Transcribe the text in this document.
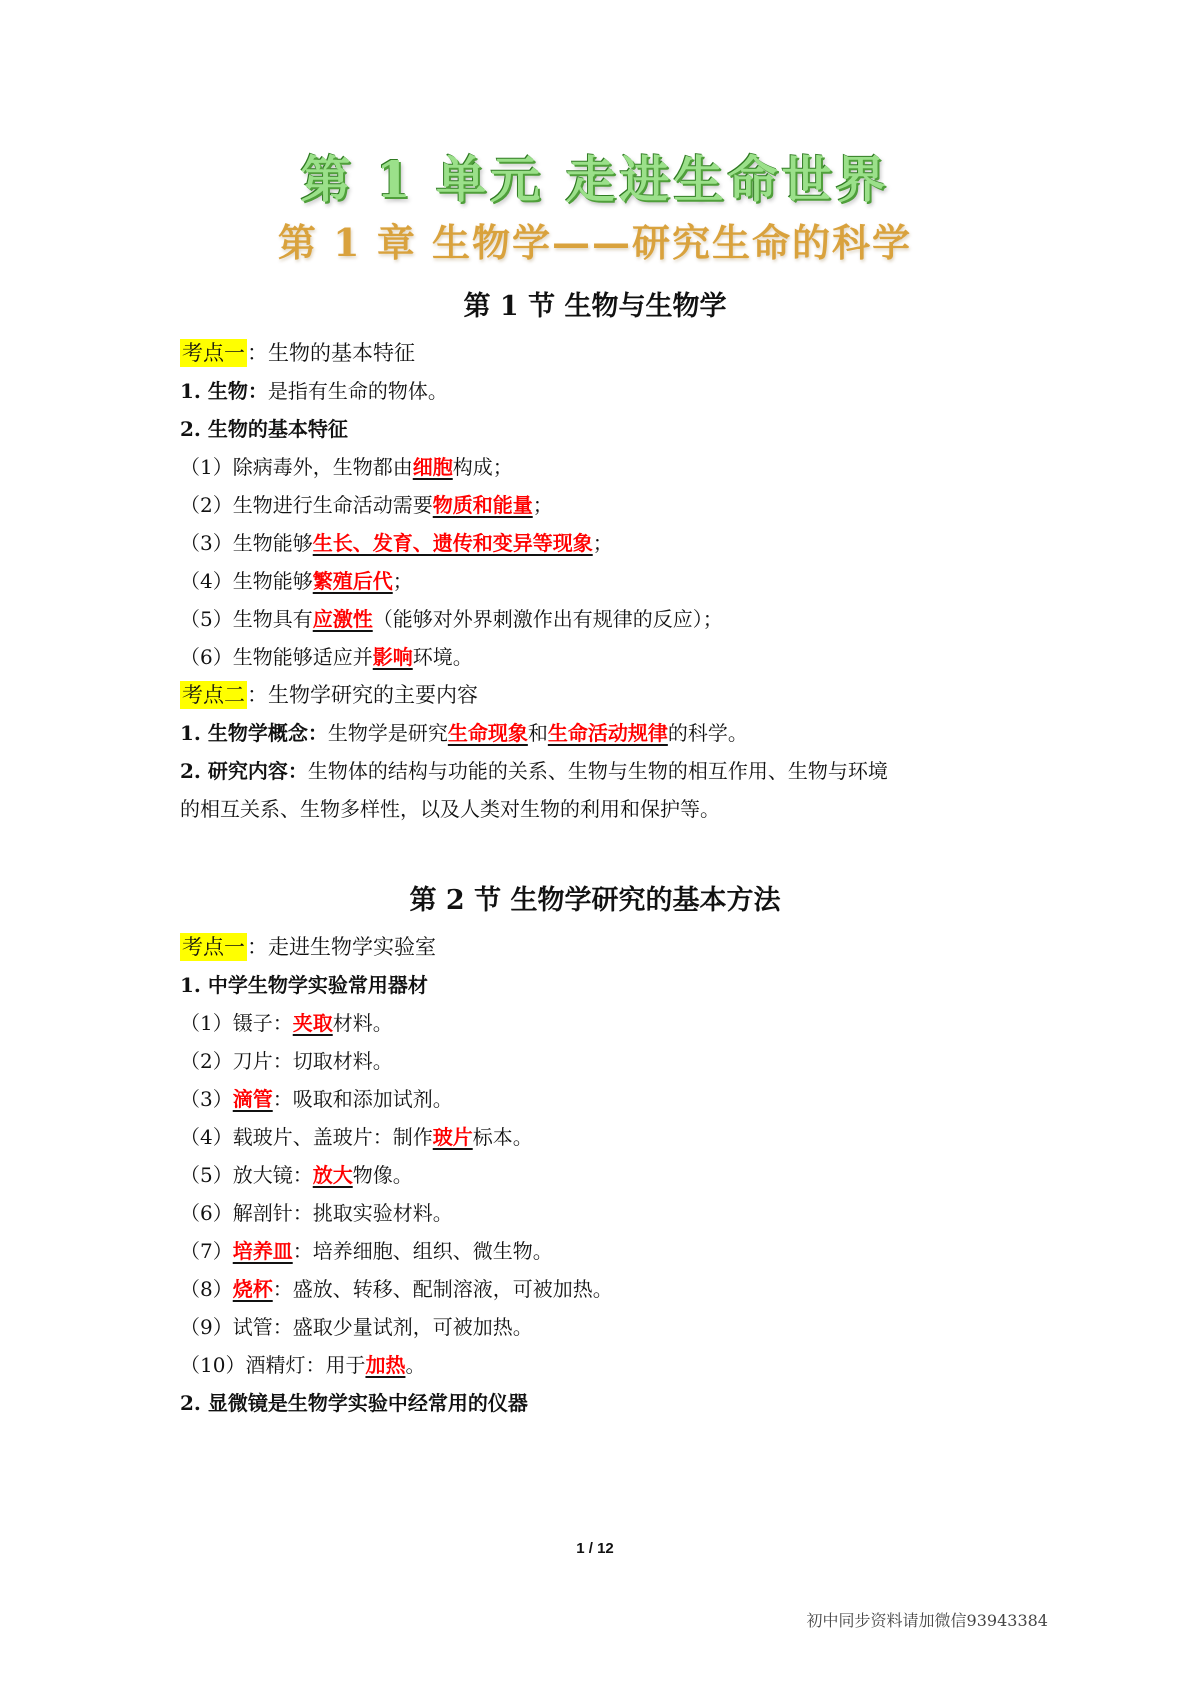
第 1 单元 走进生命世界
第 1 章 生物学——研究生命的科学
第 1 节 生物与生物学
考点一：生物的基本特征
1. 生物：是指有生命的物体。
2. 生物的基本特征
（1）除病毒外，生物都由细胞构成；
（2）生物进行生命活动需要物质和能量；
（3）生物能够生长、发育、遗传和变异等现象；
（4）生物能够繁殖后代；
（5）生物具有应激性（能够对外界刺激作出有规律的反应）；
（6）生物能够适应并影响环境。
考点二：生物学研究的主要内容
1. 生物学概念：生物学是研究生命现象和生命活动规律的科学。
2. 研究内容：生物体的结构与功能的关系、生物与生物的相互作用、生物与环境
的相互关系、生物多样性，以及人类对生物的利用和保护等。
第 2 节 生物学研究的基本方法
考点一：走进生物学实验室
1. 中学生物学实验常用器材
（1）镊子：夹取材料。
（2）刀片：切取材料。
（3）滴管：吸取和添加试剂。
（4）载玻片、盖玻片：制作玻片标本。
（5）放大镜：放大物像。
（6）解剖针：挑取实验材料。
（7）培养皿：培养细胞、组织、微生物。
（8）烧杯：盛放、转移、配制溶液，可被加热。
（9）试管：盛取少量试剂，可被加热。
（10）酒精灯：用于加热。
2. 显微镜是生物学实验中经常用的仪器
1 / 12
初中同步资料请加微信93943384
